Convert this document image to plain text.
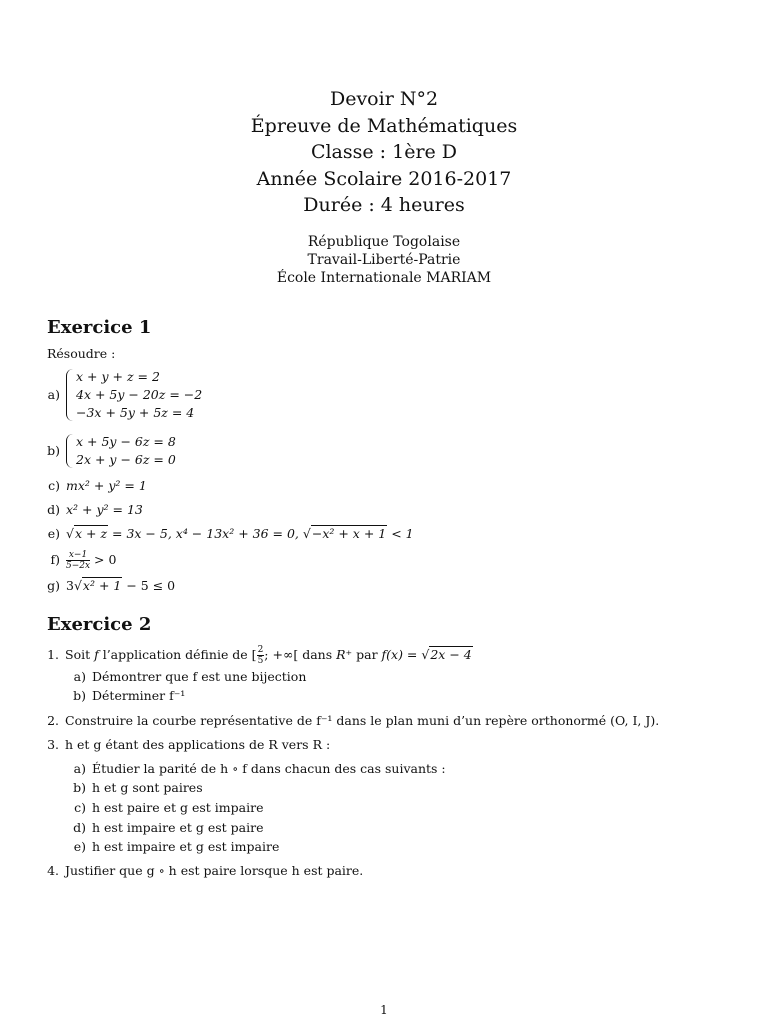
Devoir N°2
Épreuve de Mathématiques
Classe : 1ère D
Année Scolaire 2016-2017
Durée : 4 heures
République Togolaise
Travail-Liberté-Patrie
École Internationale MARIAM
Exercice 1
Résoudre :
a)
x + y + z = 2
4x + 5y − 20z = −2
−3x + 5y + 5z = 4
b)
x + 5y − 6z = 8
2x + y − 6z = 0
c) mx² + y² = 1
d) x² + y² = 13
e) √x + z = 3x − 5, x⁴ − 13x² + 36 = 0, √−x² + x + 1 < 1
$f) \frac{x-1}{5-2x} > 0$
g) 3√x² + 1 − 5 ≤ 0
Exercice 2
1. Soit f l’application définie de [ $\frac{2}{5}$ ; +∞[ dans R⁺ par f(x) = √2x − 4
a) Démontrer que f est une bijection
b) Déterminer f⁻¹
2. Construire la courbe représentative de f⁻¹ dans le plan muni d’un repère orthonormé (O, I, J).
3. h et g étant des applications de R vers R :
a) Étudier la parité de h ∘ f dans chacun des cas suivants :
b) h et g sont paires
c) h est paire et g est impaire
d) h est impaire et g est paire
e) h est impaire et g est impaire
4. Justifier que g ∘ h est paire lorsque h est paire.
1
